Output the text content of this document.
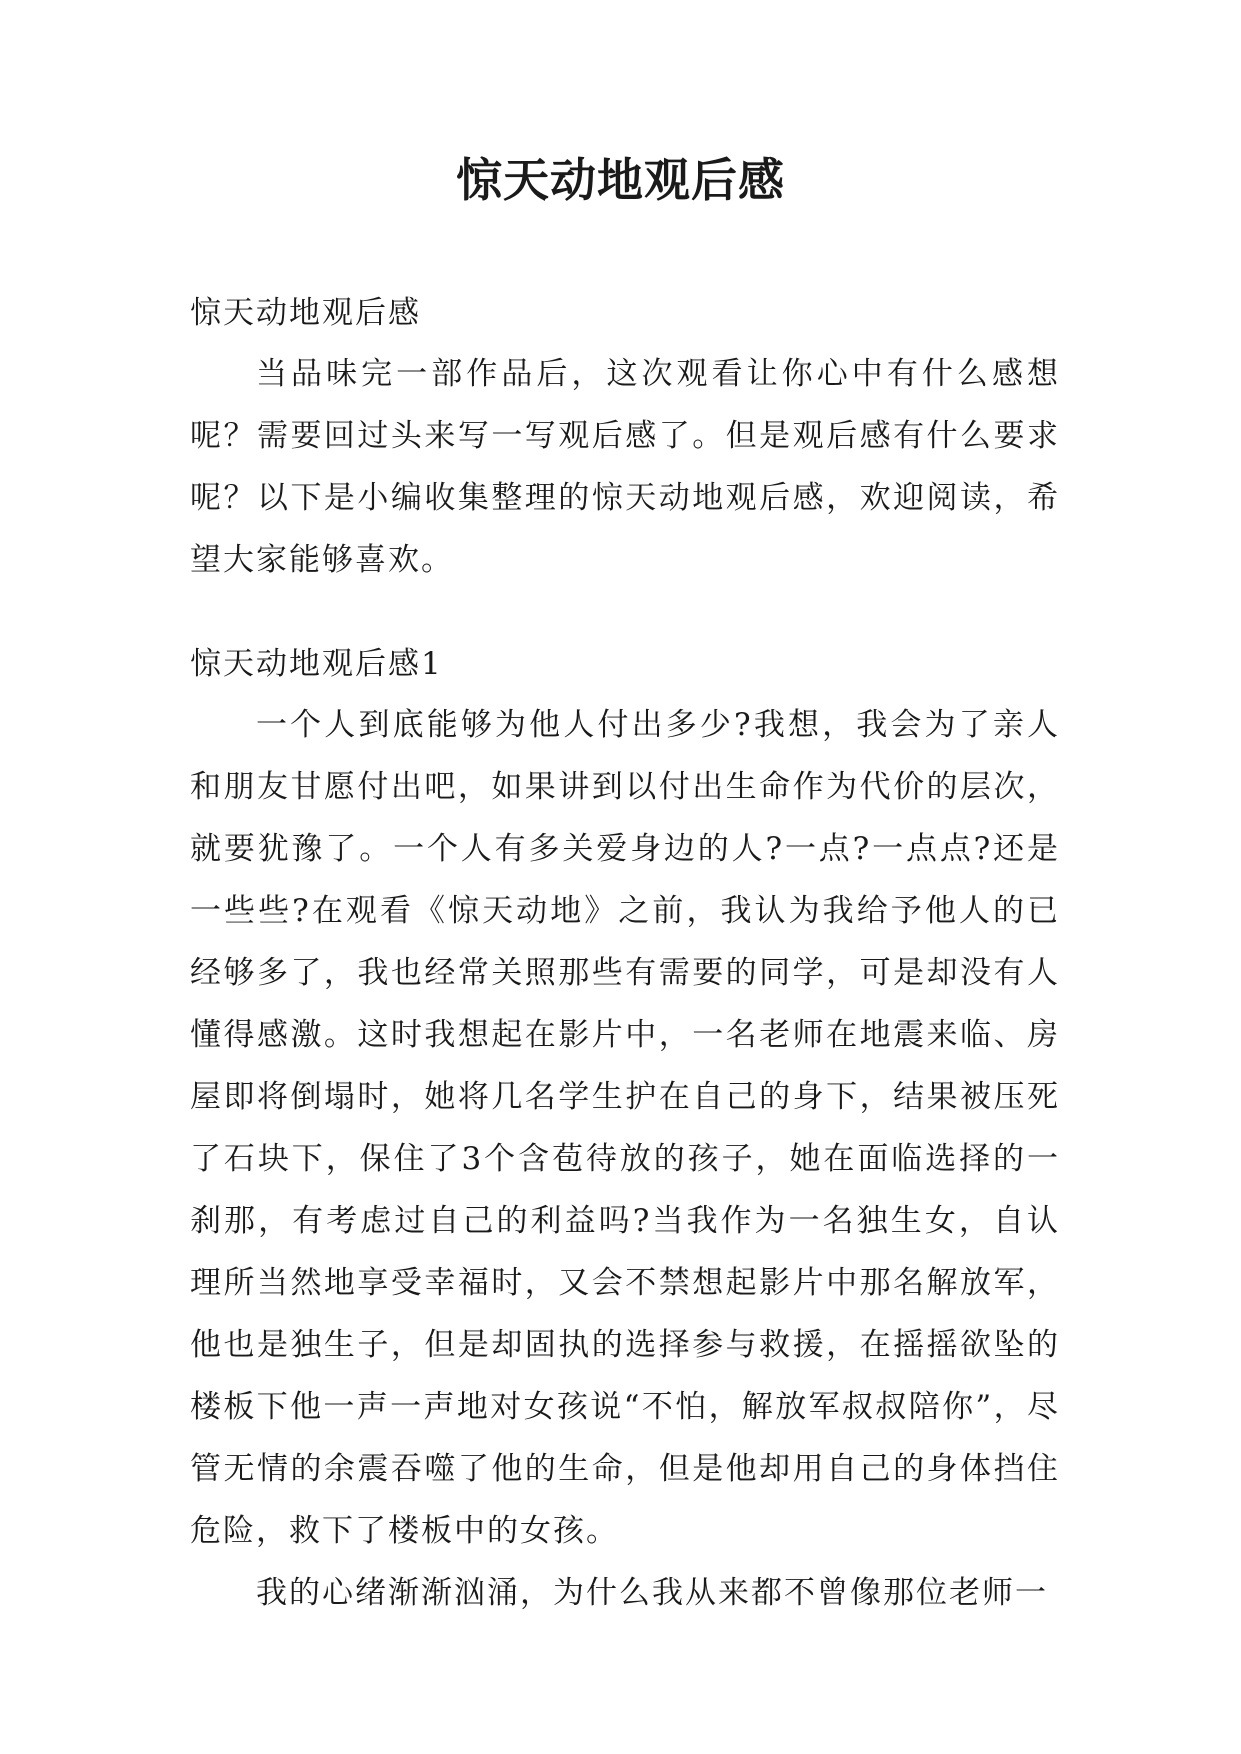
惊天动地观后感
惊天动地观后感

当品味完一部作品后，这次观看让你心中有什么感想呢？需要回过头来写一写观后感了。但是观后感有什么要求呢？以下是小编收集整理的惊天动地观后感，欢迎阅读，希望大家能够喜欢。

惊天动地观后感1

一个人到底能够为他人付出多少?我想，我会为了亲人和朋友甘愿付出吧，如果讲到以付出生命作为代价的层次，就要犹豫了。一个人有多关爱身边的人?一点?一点点?还是一些些?在观看《惊天动地》之前，我认为我给予他人的已经够多了，我也经常关照那些有需要的同学，可是却没有人懂得感激。这时我想起在影片中，一名老师在地震来临、房屋即将倒塌时，她将几名学生护在自己的身下，结果被压死了石块下，保住了3个含苞待放的孩子，她在面临选择的一刹那，有考虑过自己的利益吗?当我作为一名独生女，自认理所当然地享受幸福时，又会不禁想起影片中那名解放军，他也是独生子，但是却固执的选择参与救援，在摇摇欲坠的楼板下他一声一声地对女孩说“不怕，解放军叔叔陪你”，尽管无情的余震吞噬了他的生命，但是他却用自己的身体挡住危险，救下了楼板中的女孩。

我的心绪渐渐汹涌，为什么我从来都不曾像那位老师一
